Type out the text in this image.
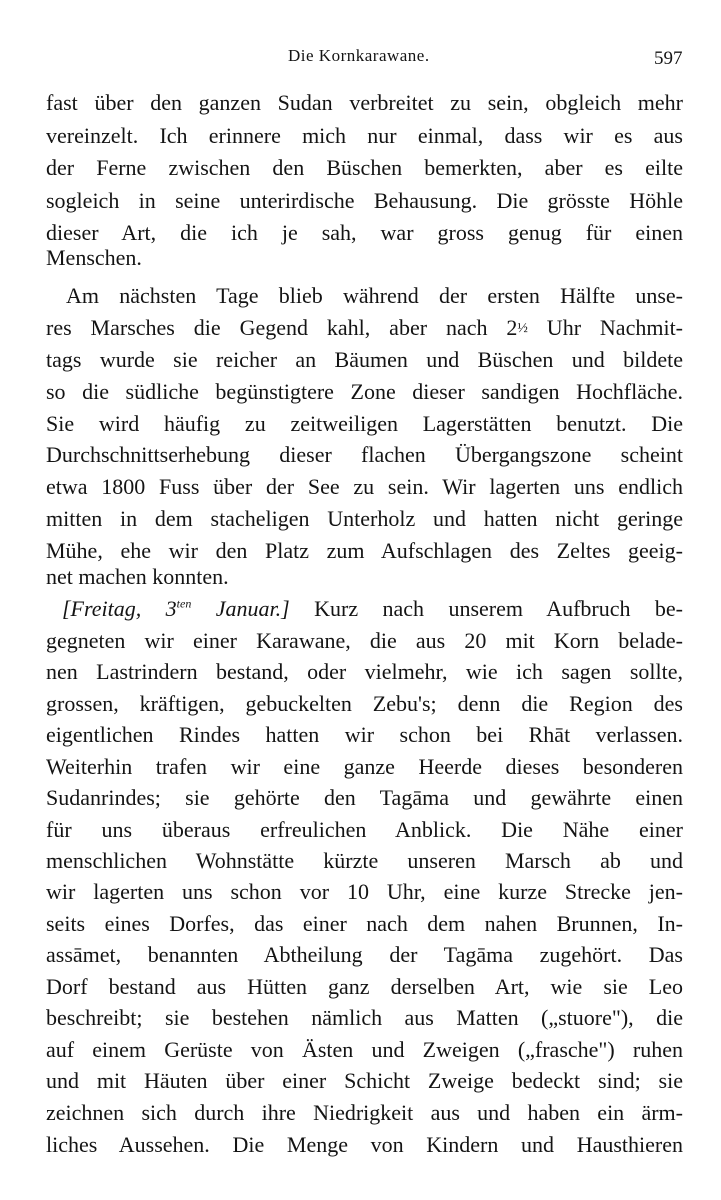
Die Kornkarawane.	597
fast über den ganzen Sudan verbreitet zu sein, obgleich mehr
vereinzelt. Ich erinnere mich nur einmal, dass wir es aus
der Ferne zwischen den Büschen bemerkten, aber es eilte
sogleich in seine unterirdische Behausung. Die grösste Höhle
dieser Art, die ich je sah, war gross genug für einen
Menschen.
Am nächsten Tage blieb während der ersten Hälfte unse-
res Marsches die Gegend kahl, aber nach 2½ Uhr Nachmit-
tags wurde sie reicher an Bäumen und Büschen und bildete
so die südliche begünstigtere Zone dieser sandigen Hochfläche.
Sie wird häufig zu zeitweiligen Lagerstätten benutzt. Die
Durchschnittserhebung dieser flachen Übergangszone scheint
etwa 1800 Fuss über der See zu sein. Wir lagerten uns endlich
mitten in dem stacheligen Unterholz und hatten nicht geringe
Mühe, ehe wir den Platz zum Aufschlagen des Zeltes geeig-
net machen konnten.
[Freitag, $3^{ten}$ Januar.] Kurz nach unserem Aufbruch be-
gegneten wir einer Karawane, die aus 20 mit Korn belade-
nen Lastrindern bestand, oder vielmehr, wie ich sagen sollte,
grossen, kräftigen, gebuckelten Zebu's; denn die Region des
eigentlichen Rindes hatten wir schon bei Rhāt verlassen.
Weiterhin trafen wir eine ganze Heerde dieses besonderen
Sudanrindes; sie gehörte den Tagāma und gewährte einen
für uns überaus erfreulichen Anblick. Die Nähe einer
menschlichen Wohnstätte kürzte unseren Marsch ab und
wir lagerten uns schon vor 10 Uhr, eine kurze Strecke jen-
seits eines Dorfes, das einer nach dem nahen Brunnen, In-
assāmet, benannten Abtheilung der Tagāma zugehört. Das
Dorf bestand aus Hütten ganz derselben Art, wie sie Leo
beschreibt; sie bestehen nämlich aus Matten („stuore"), die
auf einem Gerüste von Ästen und Zweigen („frasche") ruhen
und mit Häuten über einer Schicht Zweige bedeckt sind; sie
zeichnen sich durch ihre Niedrigkeit aus und haben ein ärm-
liches Aussehen. Die Menge von Kindern und Hausthieren
